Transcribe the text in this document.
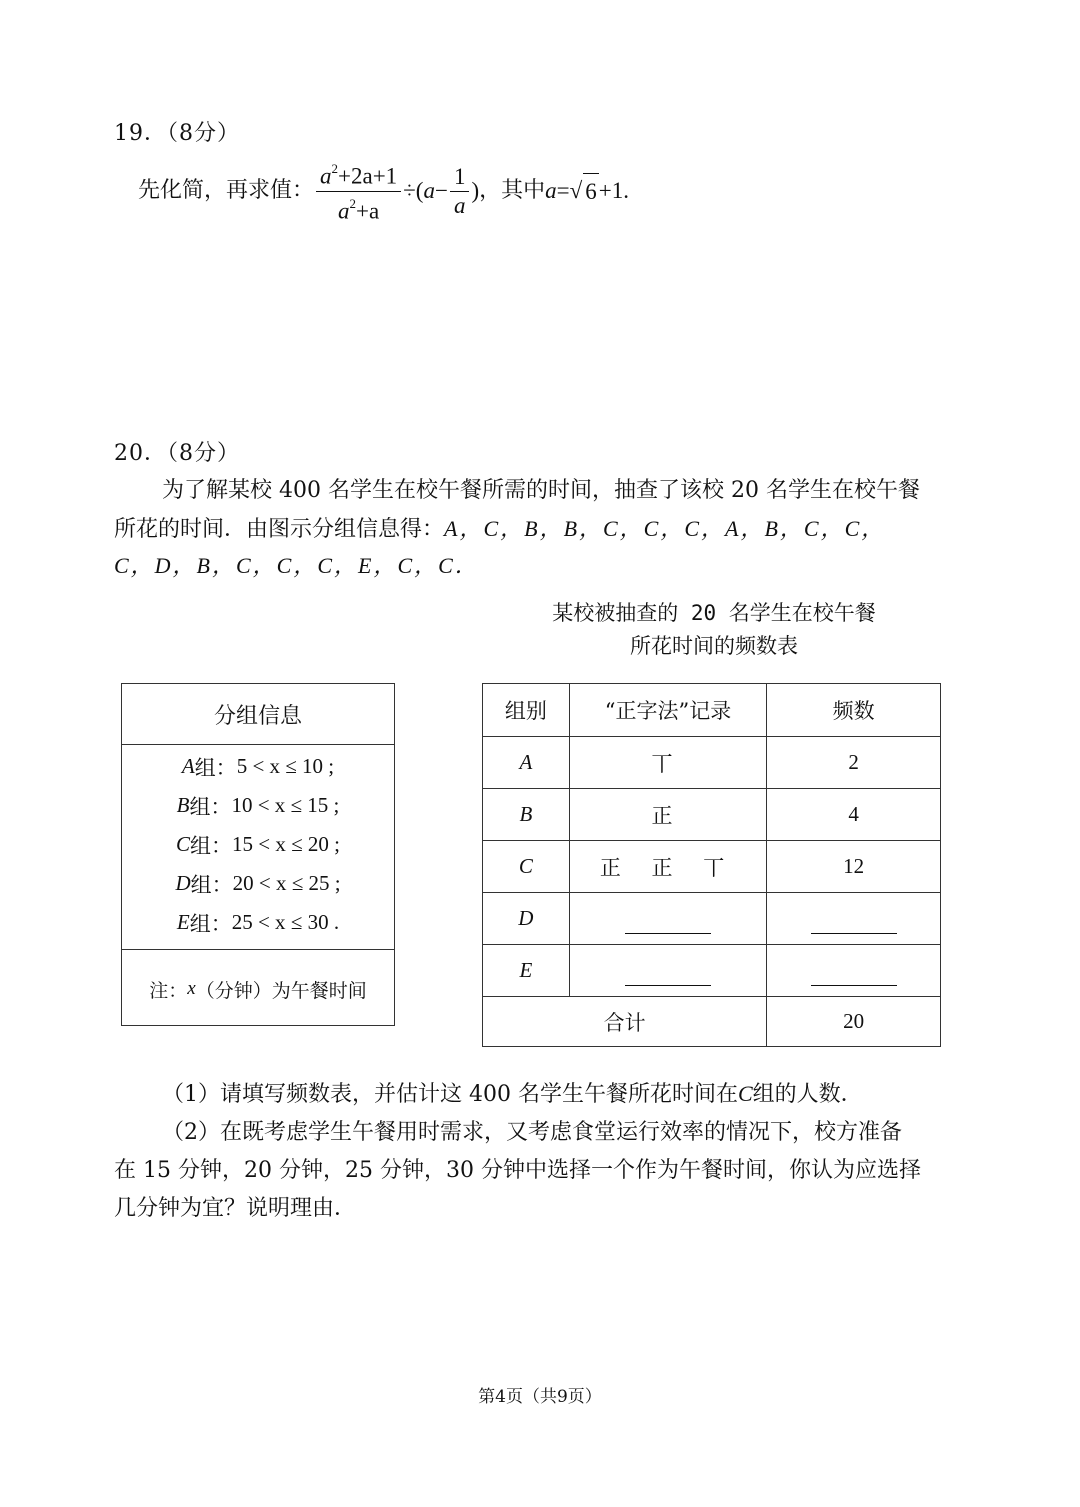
19．（8分）
先化简，再求值： $\frac{a^2+2a+1}{a^2+a}$ ÷( $a - \frac{1}{a}$ ) ，其中 a = √ 6 +1 .
20．（8分）
为了解某校 400 名学生在校午餐所需的时间，抽查了该校 20 名学生在校午餐
所花的时间．由图示分组信息得：A，C，B，B，C，C，C，A，B，C，C，
C，D，B，C，C，C，E，C，C．
某校被抽查的 20 名学生在校午餐
所花时间的频数表
分组信息
A 组： 5 < x ≤ 10 ;
B 组： 10 < x ≤ 15 ;
C 组： 15 < x ≤ 20 ;
D 组： 20 < x ≤ 25 ;
E 组： 25 < x ≤ 30 .
注： x （分钟）为午餐时间
组别	“正字法”记录	频数
A	丅	2
B	正	4
C	正 正 丅	12
D		
E		
合计		20
（1）请填写频数表，并估计这 400 名学生午餐所花时间在C组的人数．
（2）在既考虑学生午餐用时需求，又考虑食堂运行效率的情况下，校方准备
在 15 分钟，20 分钟，25 分钟，30 分钟中选择一个作为午餐时间，你认为应选择
几分钟为宜？说明理由．
第4页（共9页）
